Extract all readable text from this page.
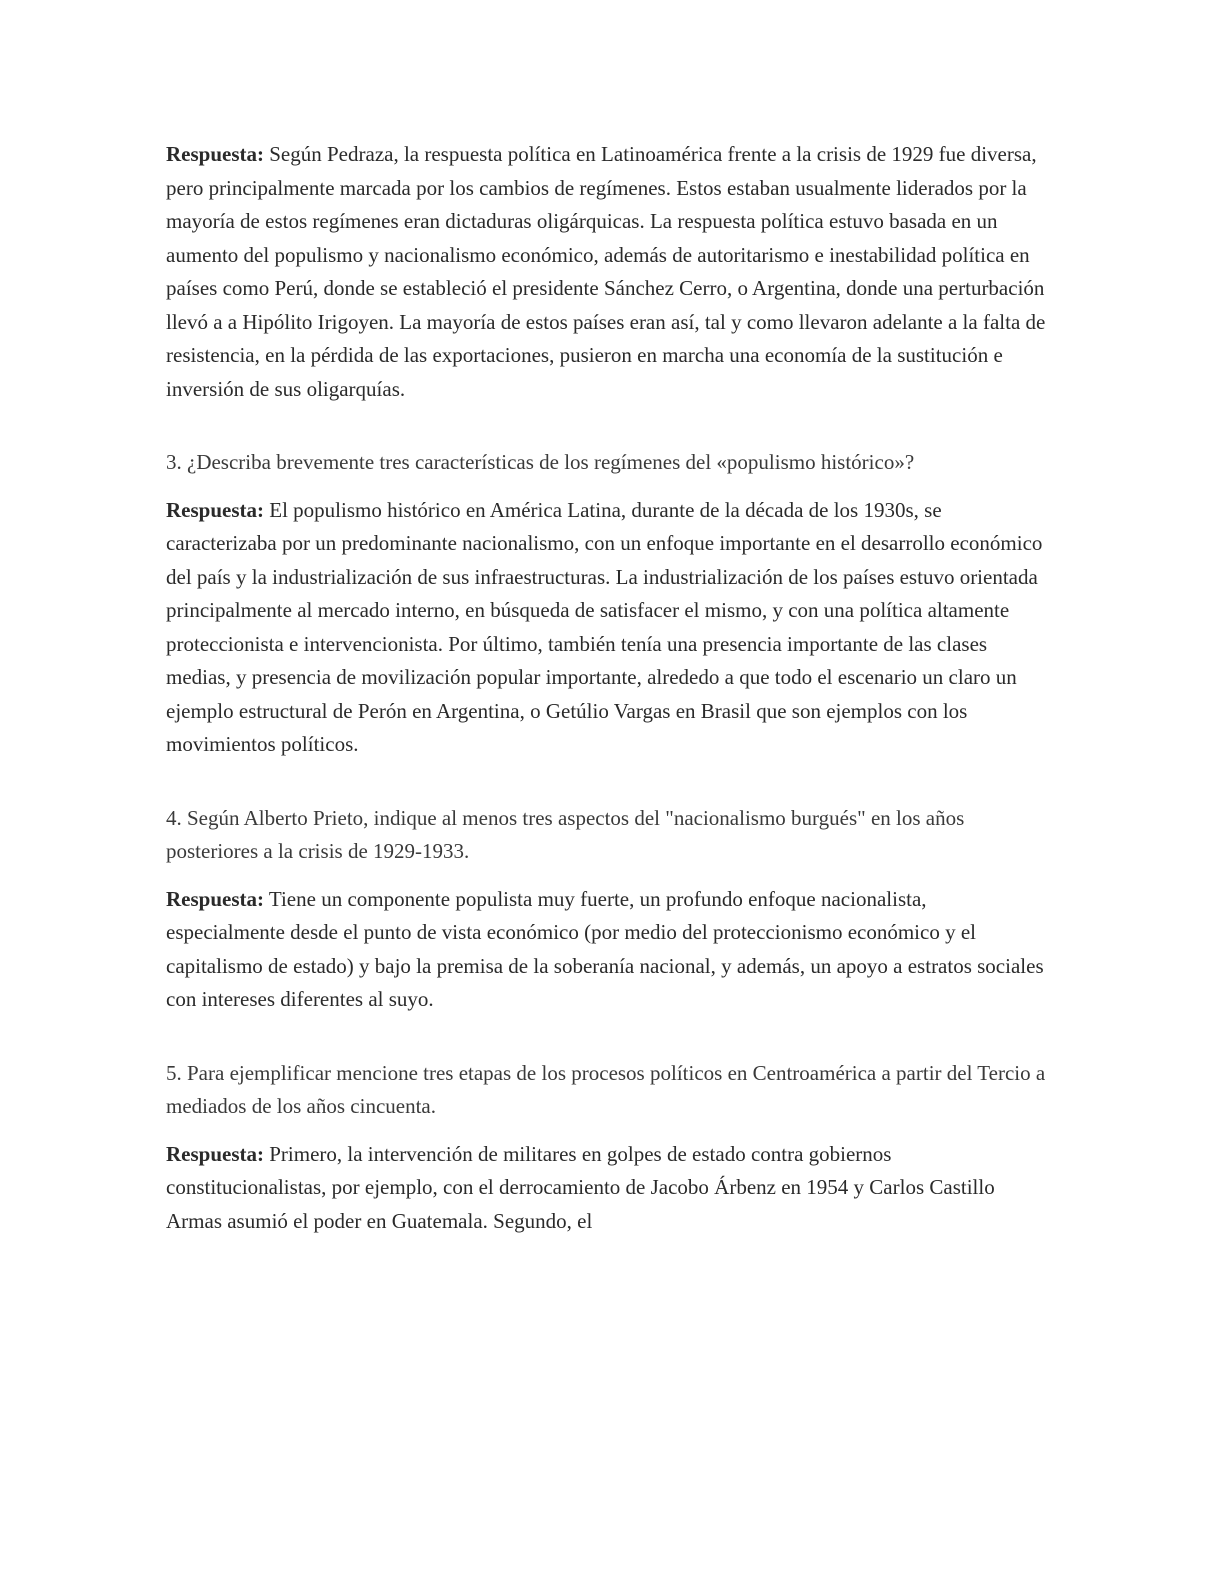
Respuesta: Según Pedraza, la respuesta política en Latinoamérica frente a la crisis de 1929 fue diversa, pero principalmente marcada por los cambios de regímenes. Estos estaban usualmente liderados por la mayoría de estos regímenes eran dictaduras oligárquicas. La respuesta política estuvo basada en un aumento del populismo y nacionalismo económico, además de autoritarismo e inestabilidad política en países como Perú, donde se estableció el presidente Sánchez Cerro, o Argentina, donde una perturbación llevó a a Hipólito Irigoyen. La mayoría de estos países eran así, tal y como llevaron adelante a la falta de resistencia, en la pérdida de las exportaciones, pusieron en marcha una economía de la sustitución e inversión de sus oligarquías.

3. ¿Describa brevemente tres características de los regímenes del «populismo histórico»?

Respuesta: El populismo histórico en América Latina, durante de la década de los 1930s, se caracterizaba por un predominante nacionalismo, con un enfoque importante en el desarrollo económico del país y la industrialización de sus infraestructuras. La industrialización de los países estuvo orientada principalmente al mercado interno, en búsqueda de satisfacer el mismo, y con una política altamente proteccionista e intervencionista. Por último, también tenía una presencia importante de las clases medias, y presencia de movilización popular importante, alrededo a que todo el escenario un claro un ejemplo estructural de Perón en Argentina, o Getúlio Vargas en Brasil que son ejemplos con los movimientos políticos.

4. Según Alberto Prieto, indique al menos tres aspectos del "nacionalismo burgués" en los años posteriores a la crisis de 1929-1933.

Respuesta: Tiene un componente populista muy fuerte, un profundo enfoque nacionalista, especialmente desde el punto de vista económico (por medio del proteccionismo económico y el capitalismo de estado) y bajo la premisa de la soberanía nacional, y además, un apoyo a estratos sociales con intereses diferentes al suyo.

5. Para ejemplificar mencione tres etapas de los procesos políticos en Centroamérica a partir del Tercio a mediados de los años cincuenta.

Respuesta: Primero, la intervención de militares en golpes de estado contra gobiernos constitucionalistas, por ejemplo, con el derrocamiento de Jacobo Árbenz en 1954 y Carlos Castillo Armas asumió el poder en Guatemala. Segundo, el
